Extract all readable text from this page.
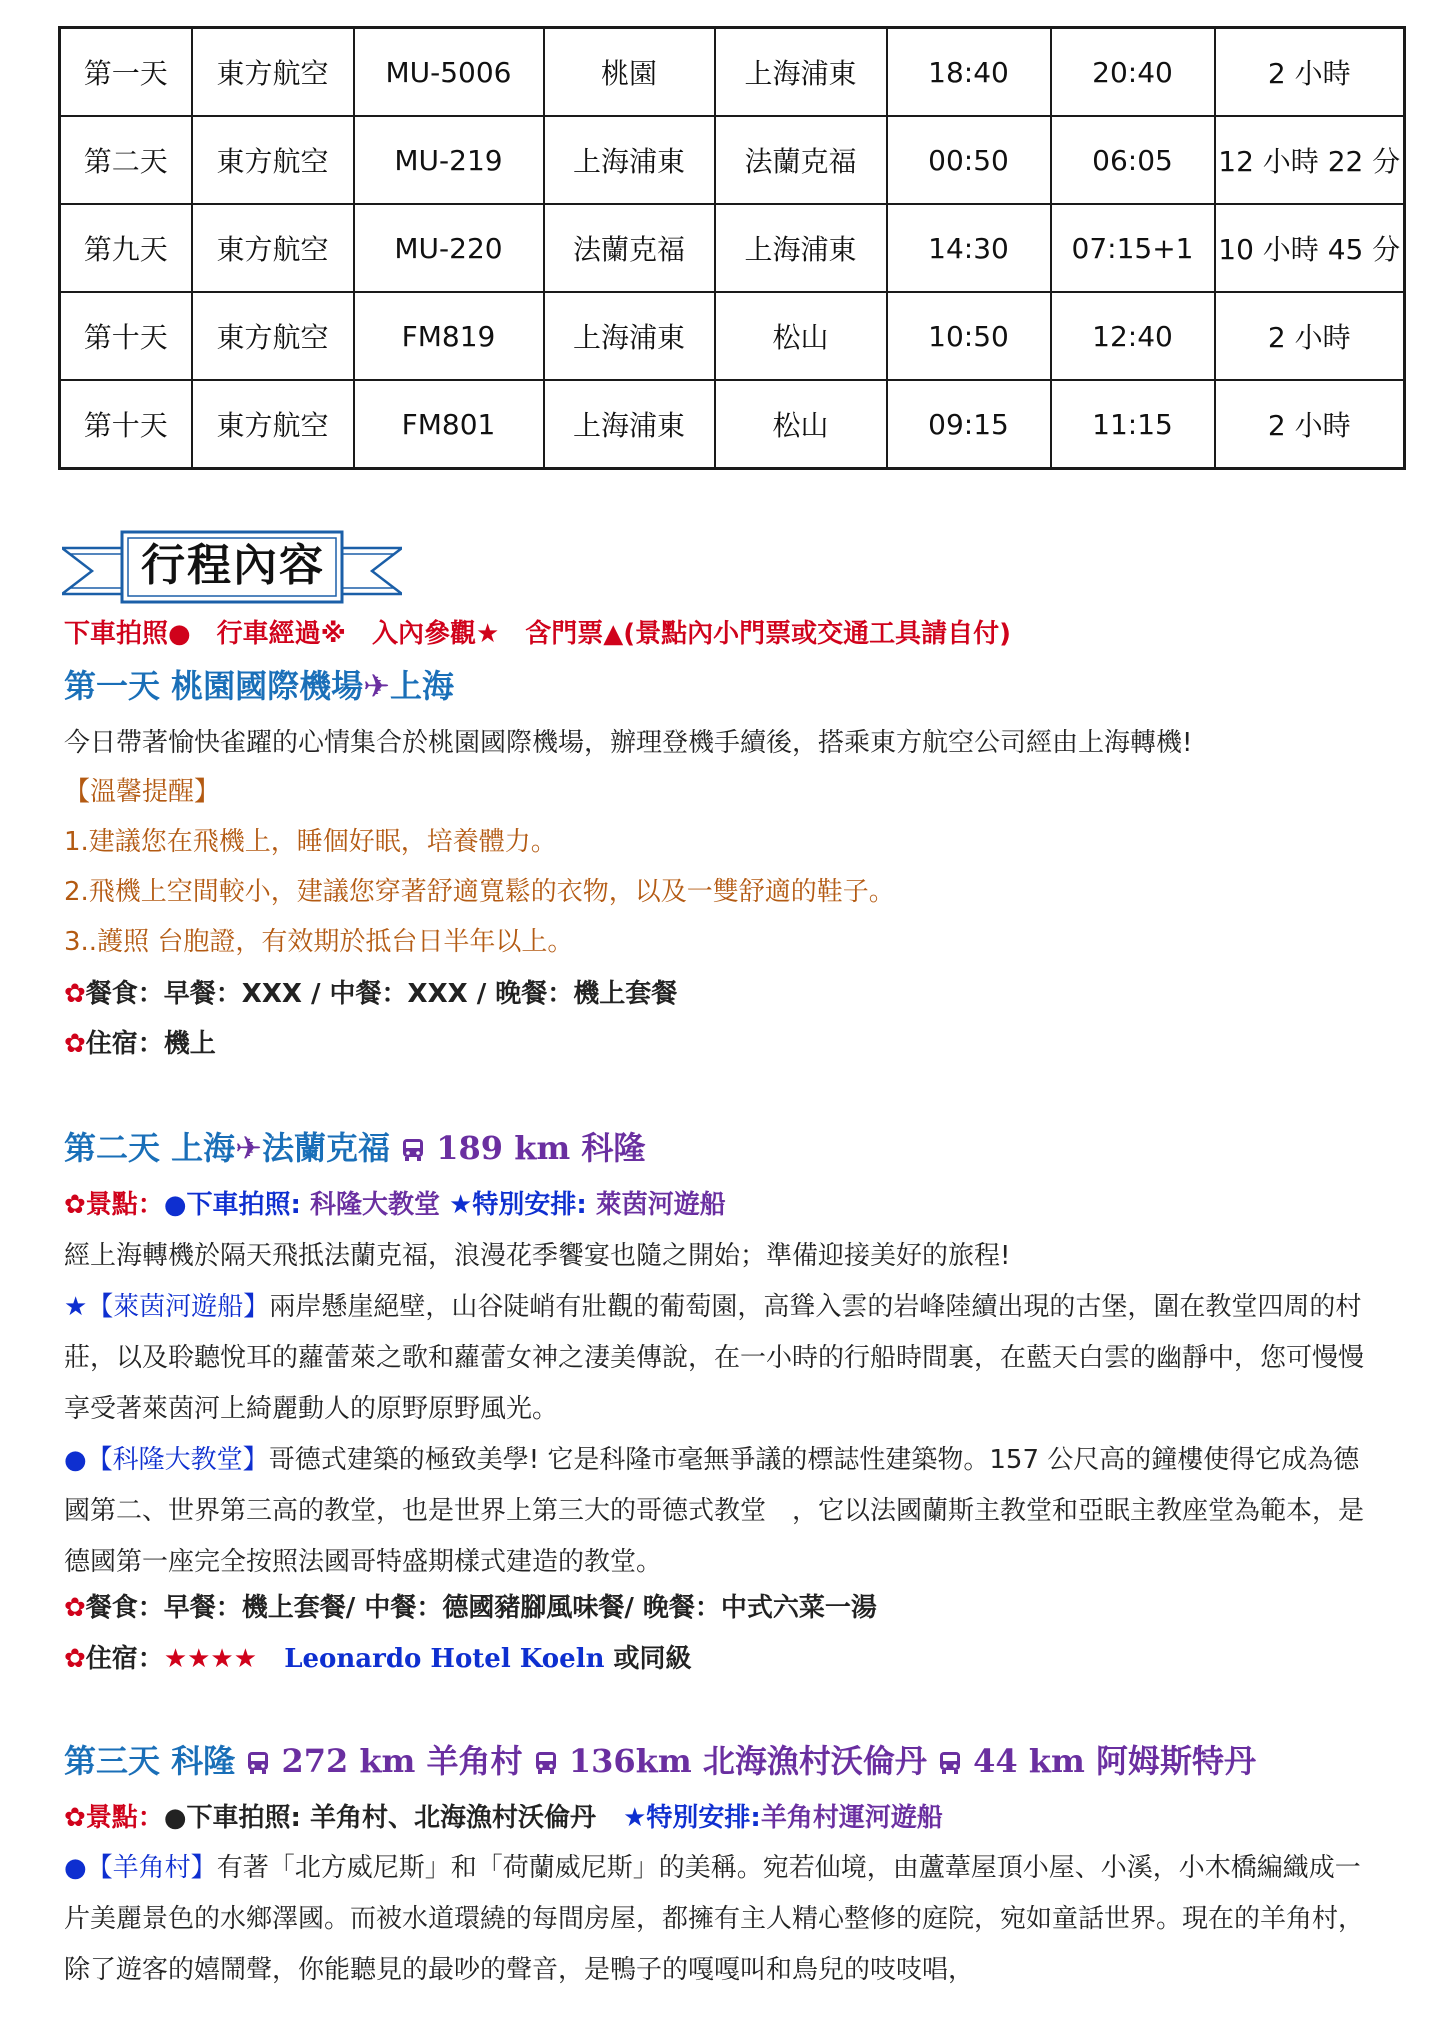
第一天	東方航空	MU-5006	桃園	上海浦東	18:40	20:40	2 小時
第二天	東方航空	MU-219	上海浦東	法蘭克福	00:50	06:05	12 小時 22 分
第九天	東方航空	MU-220	法蘭克福	上海浦東	14:30	07:15+1	10 小時 45 分
第十天	東方航空	FM819	上海浦東	松山	10:50	12:40	2 小時
第十天	東方航空	FM801	上海浦東	松山	09:15	11:15	2 小時
行程內容
下車拍照●　行車經過※　入內參觀★　含門票▲(景點內小門票或交通工具請自付)
第一天 桃園國際機場✈上海
今日帶著愉快雀躍的心情集合於桃園國際機場，辦理登機手續後，搭乘東方航空公司經由上海轉機!
【溫馨提醒】
1.建議您在飛機上，睡個好眠，培養體力。
2.飛機上空間較小，建議您穿著舒適寬鬆的衣物，以及一雙舒適的鞋子。
3..護照 台胞證，有效期於抵台日半年以上。
✿餐食：早餐：XXX / 中餐：XXX / 晚餐：機上套餐
✿住宿：機上
第二天 上海✈法蘭克福 189 km 科隆
✿景點：●下車拍照: 科隆大教堂 ★特別安排: 萊茵河遊船
經上海轉機於隔天飛抵法蘭克福，浪漫花季饗宴也隨之開始；準備迎接美好的旅程!
★【萊茵河遊船】兩岸懸崖絕壁，山谷陡峭有壯觀的葡萄園，高聳入雲的岩峰陸續出現的古堡，圍在教堂四周的村莊，以及聆聽悅耳的蘿蕾萊之歌和蘿蕾女神之淒美傳說，在一小時的行船時間裏，在藍天白雲的幽靜中，您可慢慢享受著萊茵河上綺麗動人的原野原野風光。
●【科隆大教堂】哥德式建築的極致美學! 它是科隆市毫無爭議的標誌性建築物。157 公尺高的鐘樓使得它成為德國第二、世界第三高的教堂，也是世界上第三大的哥德式教堂　，它以法國蘭斯主教堂和亞眠主教座堂為範本，是德國第一座完全按照法國哥特盛期樣式建造的教堂。
✿餐食：早餐：機上套餐/ 中餐：德國豬腳風味餐/ 晚餐：中式六菜一湯
✿住宿：★★★★ Leonardo Hotel Koeln 或同級
第三天 科隆 272 km 羊角村 136km 北海漁村沃倫丹 44 km 阿姆斯特丹
✿景點：●下車拍照: 羊角村、北海漁村沃倫丹 ★特別安排:羊角村運河遊船
●【羊角村】有著「北方威尼斯」和「荷蘭威尼斯」的美稱。宛若仙境，由蘆葦屋頂小屋、小溪，小木橋編織成一片美麗景色的水鄉澤國。而被水道環繞的每間房屋，都擁有主人精心整修的庭院，宛如童話世界。現在的羊角村，除了遊客的嬉鬧聲，你能聽見的最吵的聲音，是鴨子的嘎嘎叫和鳥兒的吱吱唱，
